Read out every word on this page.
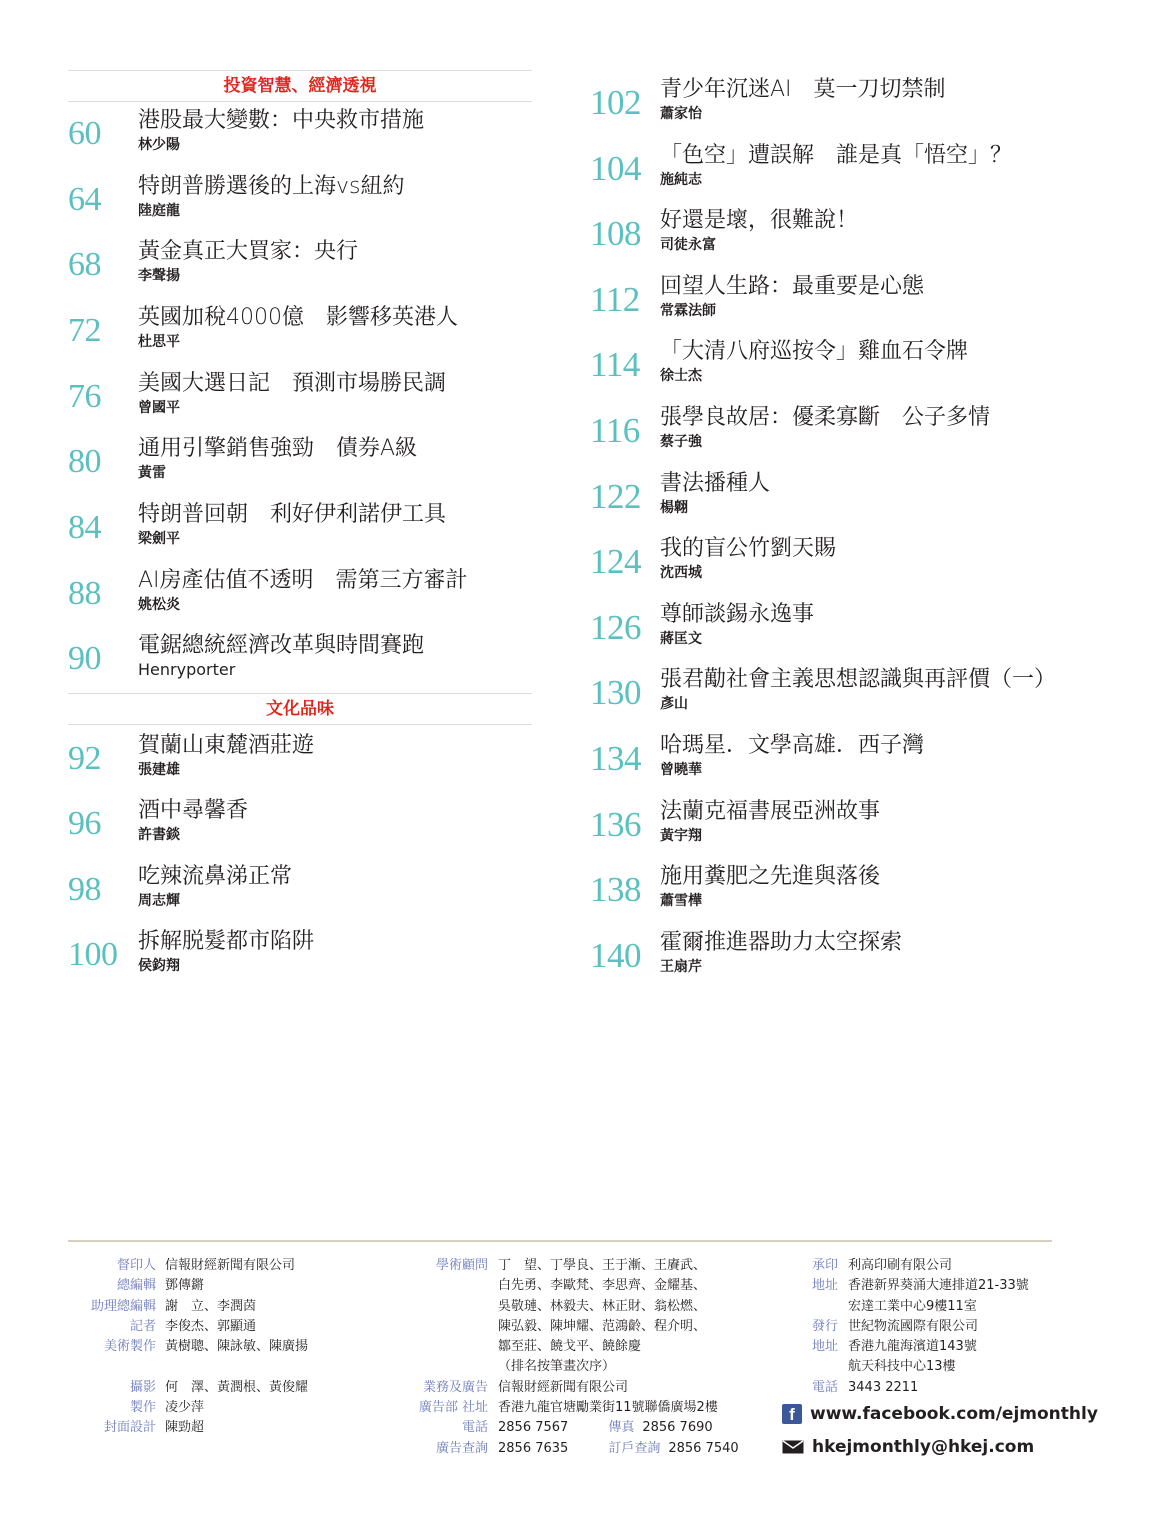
投資智慧、經濟透視
60 港股最大變數：中央救市措施
林少陽
64 特朗普勝選後的上海vs紐約
陸庭龍
68 黃金真正大買家：央行
李聲揚
72 英國加稅4000億　影響移英港人
杜思平
76 美國大選日記　預測市場勝民調
曾國平
80 通用引擎銷售強勁　債券A級
黃雷
84 特朗普回朝　利好伊利諾伊工具
梁劍平
88 AI房產估值不透明　需第三方審計
姚松炎
90 電鋸總統經濟改革與時間賽跑
Henryporter
文化品味
92 賀蘭山東麓酒莊遊
張建雄
96 酒中尋馨香
許書錟
98 吃辣流鼻涕正常
周志輝
100 拆解脱髮都市陷阱
侯鈞翔
102 青少年沉迷AI　莫一刀切禁制
蕭家怡
104 「色空」遭誤解　誰是真「悟空」？
施純志
108 好還是壞，很難說！
司徒永富
112 回望人生路：最重要是心態
常霖法師
114 「大清八府巡按令」雞血石令牌
徐士杰
116 張學良故居：優柔寡斷　公子多情
蔡子強
122 書法播種人
楊翺
124 我的盲公竹劉天賜
沈西城
126 尊師談錫永逸事
蔣匡文
130 張君勱社會主義思想認識與再評價（一）
彥山
134 哈瑪星．文學高雄．西子灣
曾曉華
136 法蘭克福書展亞洲故事
黃宇翔
138 施用糞肥之先進與落後
蕭雪樺
140 霍爾推進器助力太空探索
王扇芹
督印人 信報財經新聞有限公司
總編輯 鄧傳鏘
助理總編輯 謝　立、李潤茵
記者 李俊杰、郭顯通
美術製作 黃樹聰、陳詠敏、陳廣揚
攝影 何　澤、黃潤根、黃俊耀
製作 凌少萍
封面設計 陳勁超
學術顧問 丁　望、丁學良、王于漸、王賡武、
白先勇、李歐梵、李思齊、金耀基、
吳敬璉、林毅夫、林正財、翁松燃、
陳弘毅、陳坤耀、范鴻齡、程介明、
鄒至莊、饒戈平、饒餘慶
（排名按筆畫次序）
業務及廣告 信報財經新聞有限公司
廣告部 社址 香港九龍官塘勵業街11號聯僑廣場2樓
電話 2856 7567	傳真 2856 7690
廣告查詢 2856 7635	訂戶查詢 2856 7540
承印 利高印刷有限公司
地址 香港新界葵涌大連排道21-33號
宏達工業中心9樓11室
發行 世紀物流國際有限公司
地址 香港九龍海濱道143號
航天科技中心13樓
電話 3443 2211
f www.facebook.com/ejmonthly
hkejmonthly@hkej.com
